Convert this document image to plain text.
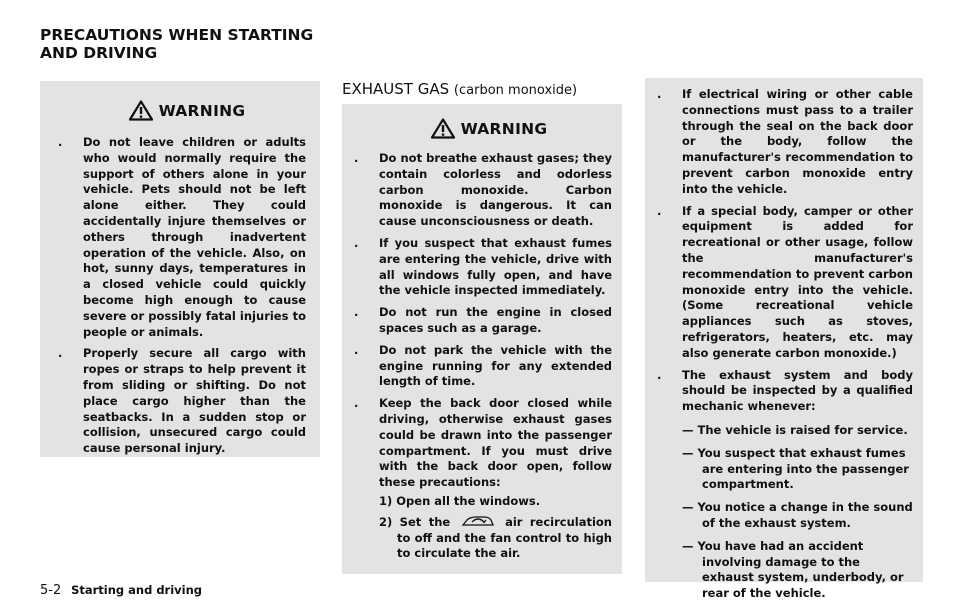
PRECAUTIONS WHEN STARTING
AND DRIVING
WARNING
. Do not leave children or adults who would normally require the support of others alone in your vehicle. Pets should not be left alone either. They could accidentally injure themselves or others through inadvertent operation of the vehicle. Also, on hot, sunny days, temperatures in a closed vehicle could quickly become high enough to cause severe or possibly fatal injuries to people or animals.
. Properly secure all cargo with ropes or straps to help prevent it from sliding or shifting. Do not place cargo higher than the seatbacks. In a sudden stop or collision, unsecured cargo could cause personal injury.
EXHAUST GAS (carbon monoxide)
WARNING
. Do not breathe exhaust gases; they contain colorless and odorless carbon monoxide. Carbon monoxide is dangerous. It can cause unconsciousness or death.
. If you suspect that exhaust fumes are entering the vehicle, drive with all windows fully open, and have the vehicle inspected immediately.
. Do not run the engine in closed spaces such as a garage.
. Do not park the vehicle with the engine running for any extended length of time.
. Keep the back door closed while driving, otherwise exhaust gases could be drawn into the passenger compartment. If you must drive with the back door open, follow these precautions:
1) Open all the windows.
2) Set the	air recirculation to off and the fan control to high to circulate the air.
. If electrical wiring or other cable connections must pass to a trailer through the seal on the back door or the body, follow the manufacturer's recommendation to prevent carbon monoxide entry into the vehicle.
. If a special body, camper or other equipment is added for recreational or other usage, follow the manufacturer's recommendation to prevent carbon monoxide entry into the vehicle. (Some recreational vehicle appliances such as stoves, refrigerators, heaters, etc. may also generate carbon monoxide.)
. The exhaust system and body should be inspected by a qualified mechanic whenever:
— The vehicle is raised for service.
— You suspect that exhaust fumes are entering into the passenger compartment.
— You notice a change in the sound of the exhaust system.
— You have had an accident involving damage to the exhaust system, underbody, or rear of the vehicle.
5-2 Starting and driving
